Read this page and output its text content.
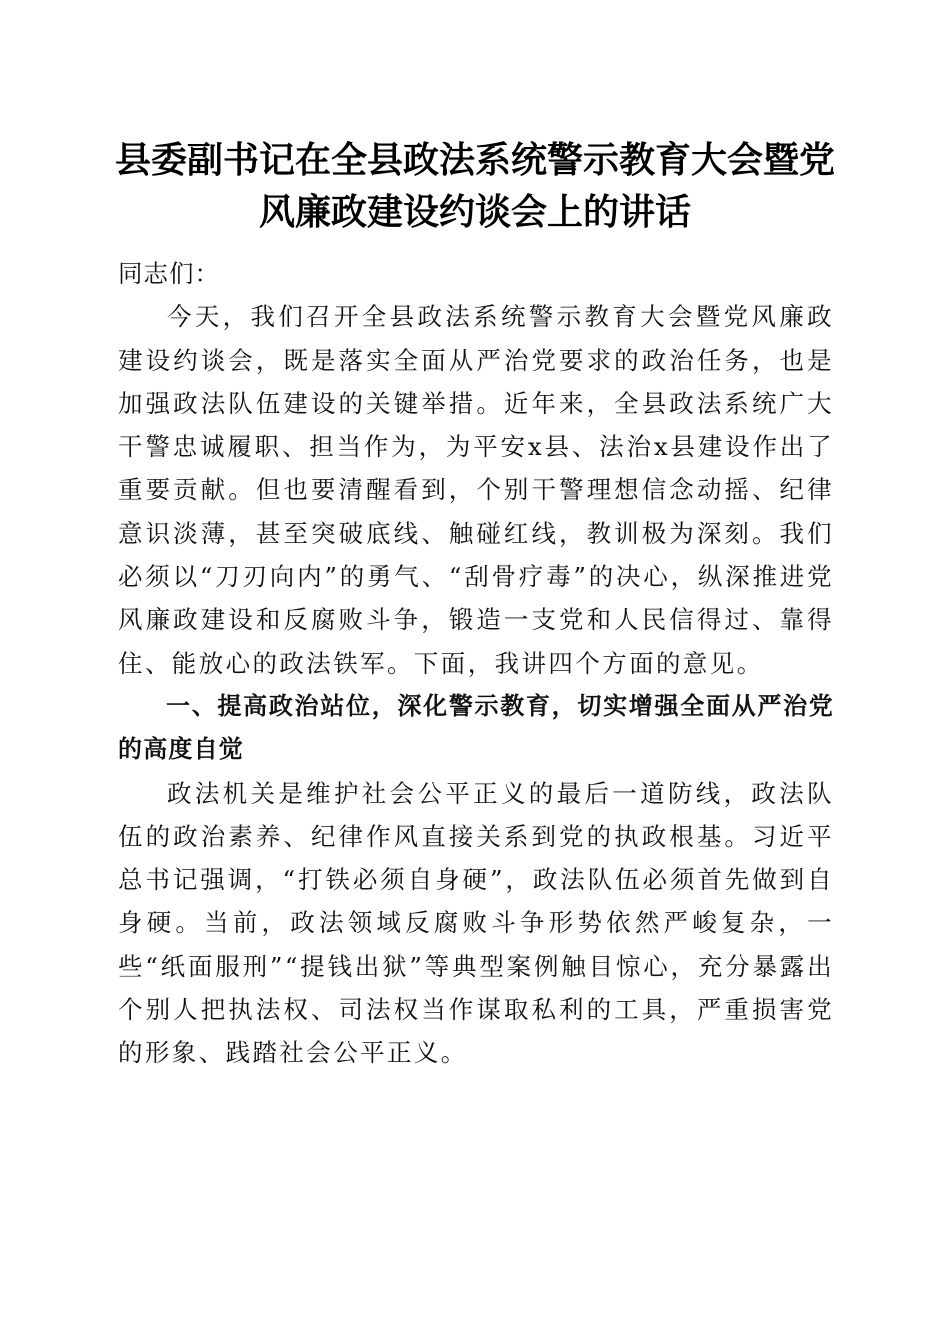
县委副书记在全县政法系统警示教育大会暨党
风廉政建设约谈会上的讲话

同志们：

今天，我们召开全县政法系统警示教育大会暨党风廉政建设约谈会，既是落实全面从严治党要求的政治任务，也是加强政法队伍建设的关键举措。近年来，全县政法系统广大干警忠诚履职、担当作为，为平安x县、法治x县建设作出了重要贡献。但也要清醒看到，个别干警理想信念动摇、纪律意识淡薄，甚至突破底线、触碰红线，教训极为深刻。我们必须以“刀刃向内”的勇气、“刮骨疗毒”的决心，纵深推进党风廉政建设和反腐败斗争，锻造一支党和人民信得过、靠得住、能放心的政法铁军。下面，我讲四个方面的意见。

一、提高政治站位，深化警示教育，切实增强全面从严治党的高度自觉

政法机关是维护社会公平正义的最后一道防线，政法队伍的政治素养、纪律作风直接关系到党的执政根基。习近平总书记强调，“打铁必须自身硬”，政法队伍必须首先做到自身硬。当前，政法领域反腐败斗争形势依然严峻复杂，一些“纸面服刑”“提钱出狱”等典型案例触目惊心，充分暴露出个别人把执法权、司法权当作谋取私利的工具，严重损害党的形象、践踏社会公平正义。
